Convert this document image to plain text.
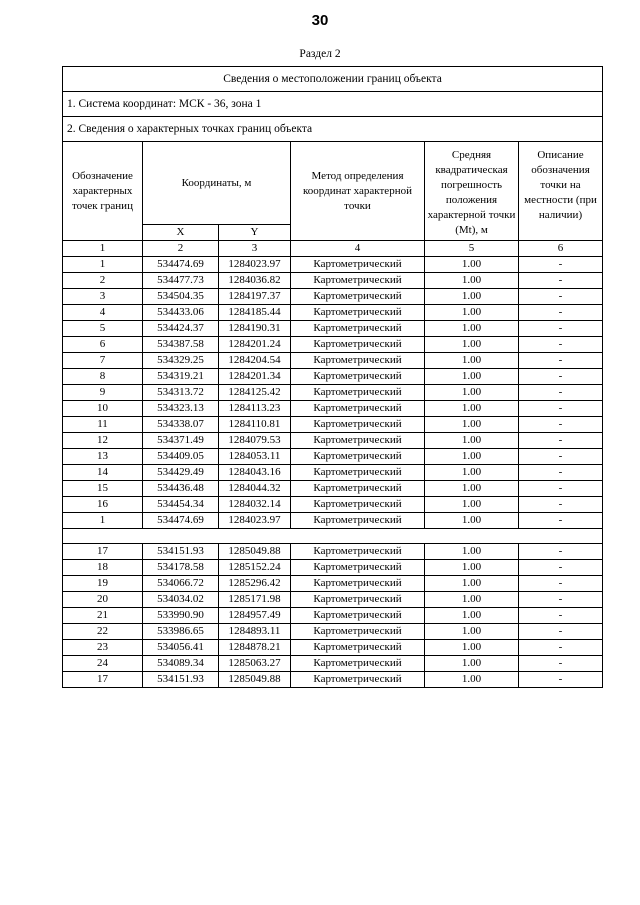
30
Раздел 2
Сведения о местоположении границ объекта					
1. Система координат: МСК - 36, зона 1					
2. Сведения о характерных точках границ объекта					
Обозначение характерных точек границ	Координаты, м		Метод определения координат характерной точки	Средняя квадратическая погрешность положения характерной точки (Mt), м	Описание обозначения точки на местности (при наличии)
	X	Y			
1	2	3	4	5	6
1	534474.69	1284023.97	Картометрический	1.00	-
2	534477.73	1284036.82	Картометрический	1.00	-
3	534504.35	1284197.37	Картометрический	1.00	-
4	534433.06	1284185.44	Картометрический	1.00	-
5	534424.37	1284190.31	Картометрический	1.00	-
6	534387.58	1284201.24	Картометрический	1.00	-
7	534329.25	1284204.54	Картометрический	1.00	-
8	534319.21	1284201.34	Картометрический	1.00	-
9	534313.72	1284125.42	Картометрический	1.00	-
10	534323.13	1284113.23	Картометрический	1.00	-
11	534338.07	1284110.81	Картометрический	1.00	-
12	534371.49	1284079.53	Картометрический	1.00	-
13	534409.05	1284053.11	Картометрический	1.00	-
14	534429.49	1284043.16	Картометрический	1.00	-
15	534436.48	1284044.32	Картометрический	1.00	-
16	534454.34	1284032.14	Картометрический	1.00	-
1	534474.69	1284023.97	Картометрический	1.00	-

17	534151.93	1285049.88	Картометрический	1.00	-
18	534178.58	1285152.24	Картометрический	1.00	-
19	534066.72	1285296.42	Картометрический	1.00	-
20	534034.02	1285171.98	Картометрический	1.00	-
21	533990.90	1284957.49	Картометрический	1.00	-
22	533986.65	1284893.11	Картометрический	1.00	-
23	534056.41	1284878.21	Картометрический	1.00	-
24	534089.34	1285063.27	Картометрический	1.00	-
17	534151.93	1285049.88	Картометрический	1.00	-
